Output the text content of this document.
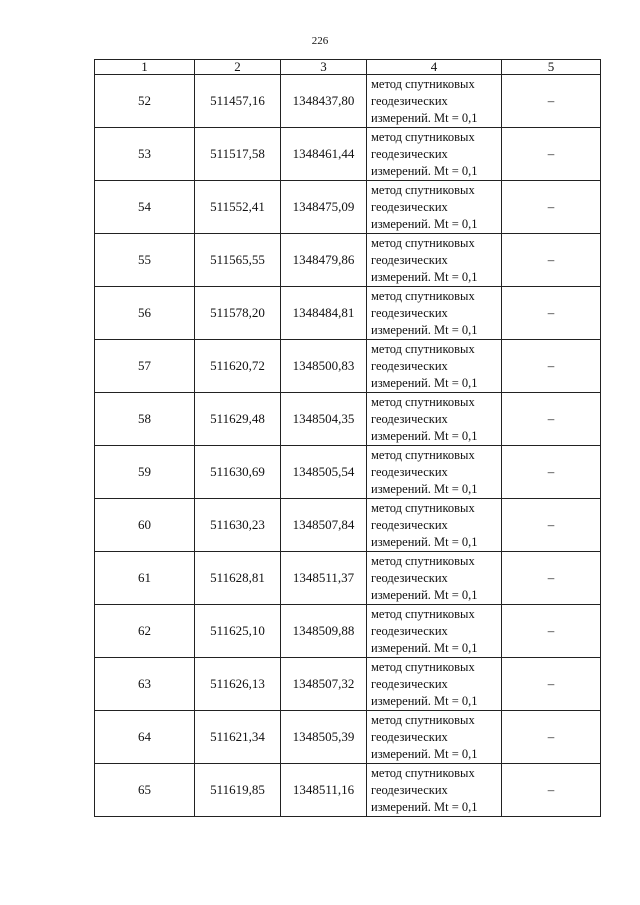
226
1	2	3	4	5
52	511457,16	1348437,80	метод спутниковых
геодезических
измерений. Mt = 0,1	–
53	511517,58	1348461,44	метод спутниковых
геодезических
измерений. Mt = 0,1	–
54	511552,41	1348475,09	метод спутниковых
геодезических
измерений. Mt = 0,1	–
55	511565,55	1348479,86	метод спутниковых
геодезических
измерений. Mt = 0,1	–
56	511578,20	1348484,81	метод спутниковых
геодезических
измерений. Mt = 0,1	–
57	511620,72	1348500,83	метод спутниковых
геодезических
измерений. Mt = 0,1	–
58	511629,48	1348504,35	метод спутниковых
геодезических
измерений. Mt = 0,1	–
59	511630,69	1348505,54	метод спутниковых
геодезических
измерений. Mt = 0,1	–
60	511630,23	1348507,84	метод спутниковых
геодезических
измерений. Mt = 0,1	–
61	511628,81	1348511,37	метод спутниковых
геодезических
измерений. Mt = 0,1	–
62	511625,10	1348509,88	метод спутниковых
геодезических
измерений. Mt = 0,1	–
63	511626,13	1348507,32	метод спутниковых
геодезических
измерений. Mt = 0,1	–
64	511621,34	1348505,39	метод спутниковых
геодезических
измерений. Mt = 0,1	–
65	511619,85	1348511,16	метод спутниковых
геодезических
измерений. Mt = 0,1	–
